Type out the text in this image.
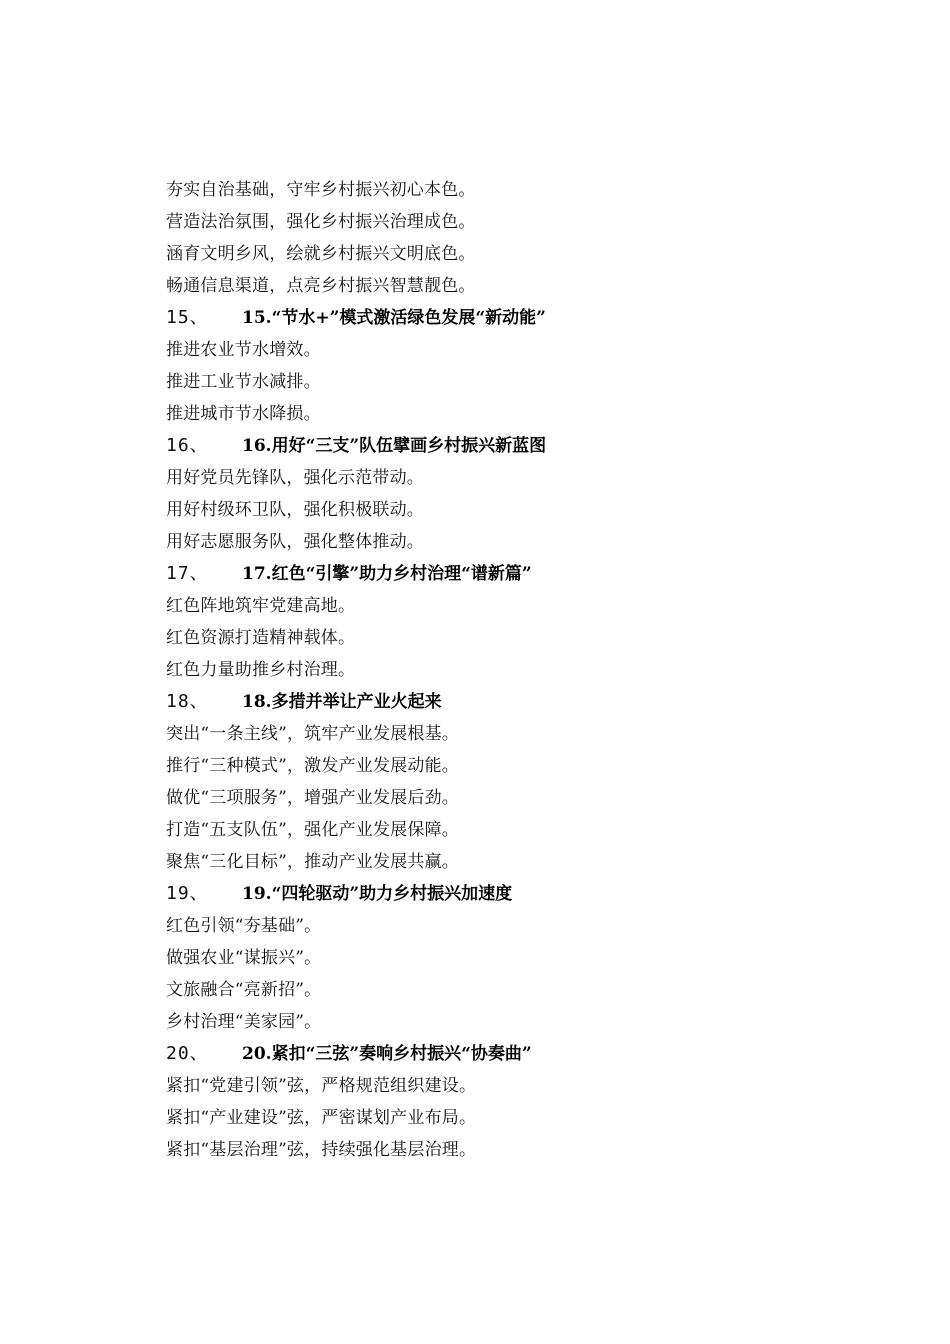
夯实自治基础，守牢乡村振兴初心本色。
营造法治氛围，强化乡村振兴治理成色。
涵育文明乡风，绘就乡村振兴文明底色。
畅通信息渠道，点亮乡村振兴智慧靓色。
15、	15.“节水+”模式激活绿色发展“新动能”
推进农业节水增效。
推进工业节水减排。
推进城市节水降损。
16、	16.用好“三支”队伍擘画乡村振兴新蓝图
用好党员先锋队，强化示范带动。
用好村级环卫队，强化积极联动。
用好志愿服务队，强化整体推动。
17、	17.红色“引擎”助力乡村治理“谱新篇”
红色阵地筑牢党建高地。
红色资源打造精神载体。
红色力量助推乡村治理。
18、	18.多措并举让产业火起来
突出“一条主线”，筑牢产业发展根基。
推行“三种模式”，激发产业发展动能。
做优“三项服务”，增强产业发展后劲。
打造“五支队伍”，强化产业发展保障。
聚焦“三化目标”，推动产业发展共赢。
19、	19.“四轮驱动”助力乡村振兴加速度
红色引领“夯基础”。
做强农业“谋振兴”。
文旅融合“亮新招”。
乡村治理“美家园”。
20、	20.紧扣“三弦”奏响乡村振兴“协奏曲”
紧扣“党建引领”弦，严格规范组织建设。
紧扣“产业建设”弦，严密谋划产业布局。
紧扣“基层治理”弦，持续强化基层治理。
